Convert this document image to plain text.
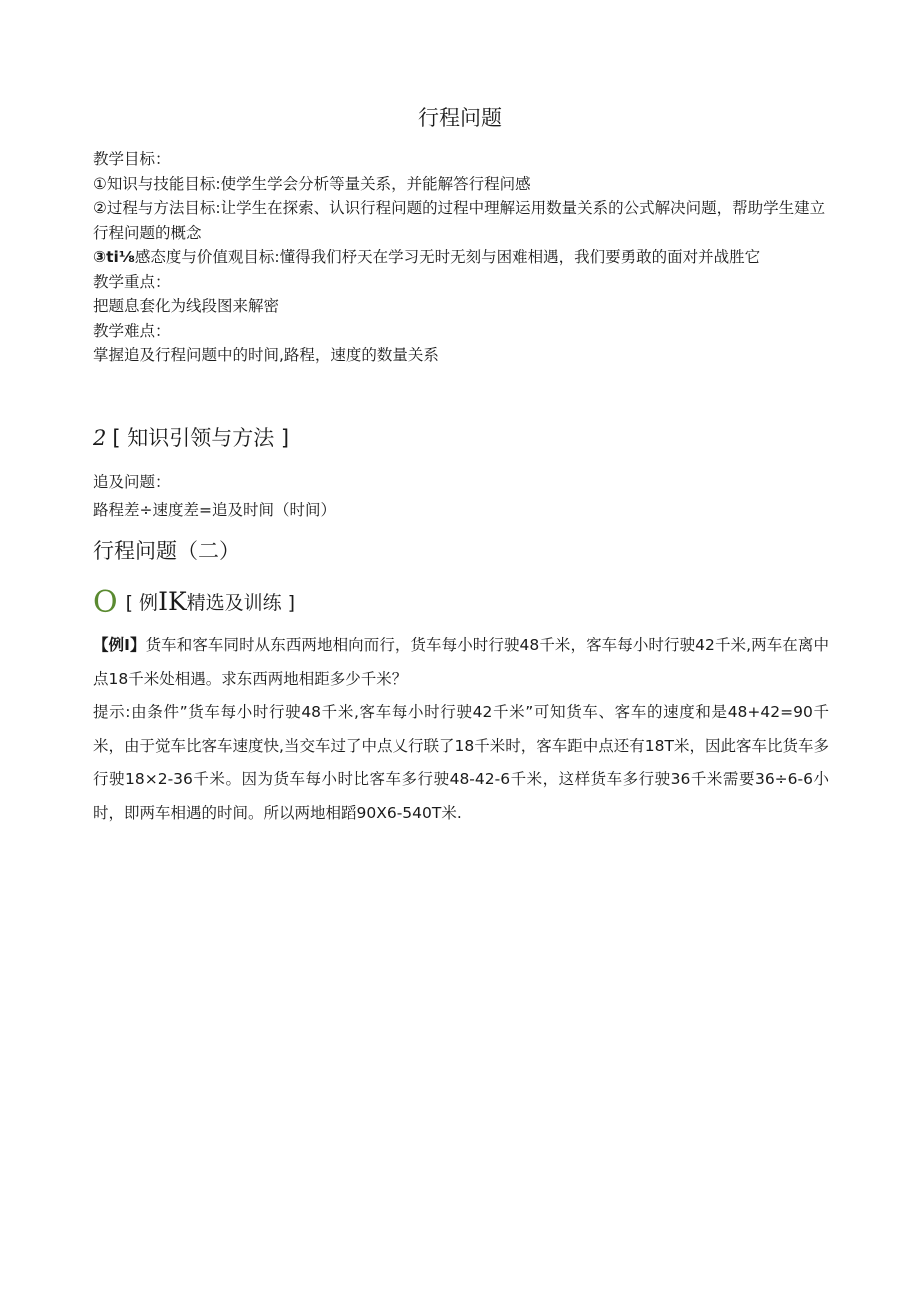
行程问题
教学目标：
①知识与技能目标:使学生学会分析等量关系，并能解答行程问感
②过程与方法目标:让学生在探索、认识行程问题的过程中理解运用数量关系的公式解决问题，帮助学生建立行程问题的概念
③ti⅛感态度与价值观目标:懂得我们杼天在学习无时无刻与困难相遇，我们要勇敢的面对并战胜它
教学重点：
把题息套化为线段图来解密
教学难点：
掌握追及行程问题中的时间,路程，速度的数量关系
2 [ 知识引领与方法 ]
追及问题：
路程差÷速度差=追及时间（时间）
行程问题（二）
O [ 例IK精选及训练 ]

【例I】货车和客车同时从东西两地相向而行，货车每小时行驶48千米，客车每小时行驶42千米,两车在离中点18千米处相遇。求东西两地相距多少千米？

提示:由条件”货车每小时行驶48千米,客车每小时行驶42千米”可知货车、客车的速度和是48+42=90千米，由于觉车比客车速度快,当交车过了中点乂行联了18千米时，客车距中点还有18T米，因此客车比货车多行驶18×2-36千米。因为货车每小时比客车多行驶48-42-6千米，这样货车多行驶36千米需要36÷6-6小时，即两车相遇的时间。所以两地相蹈90X6-540T米.
